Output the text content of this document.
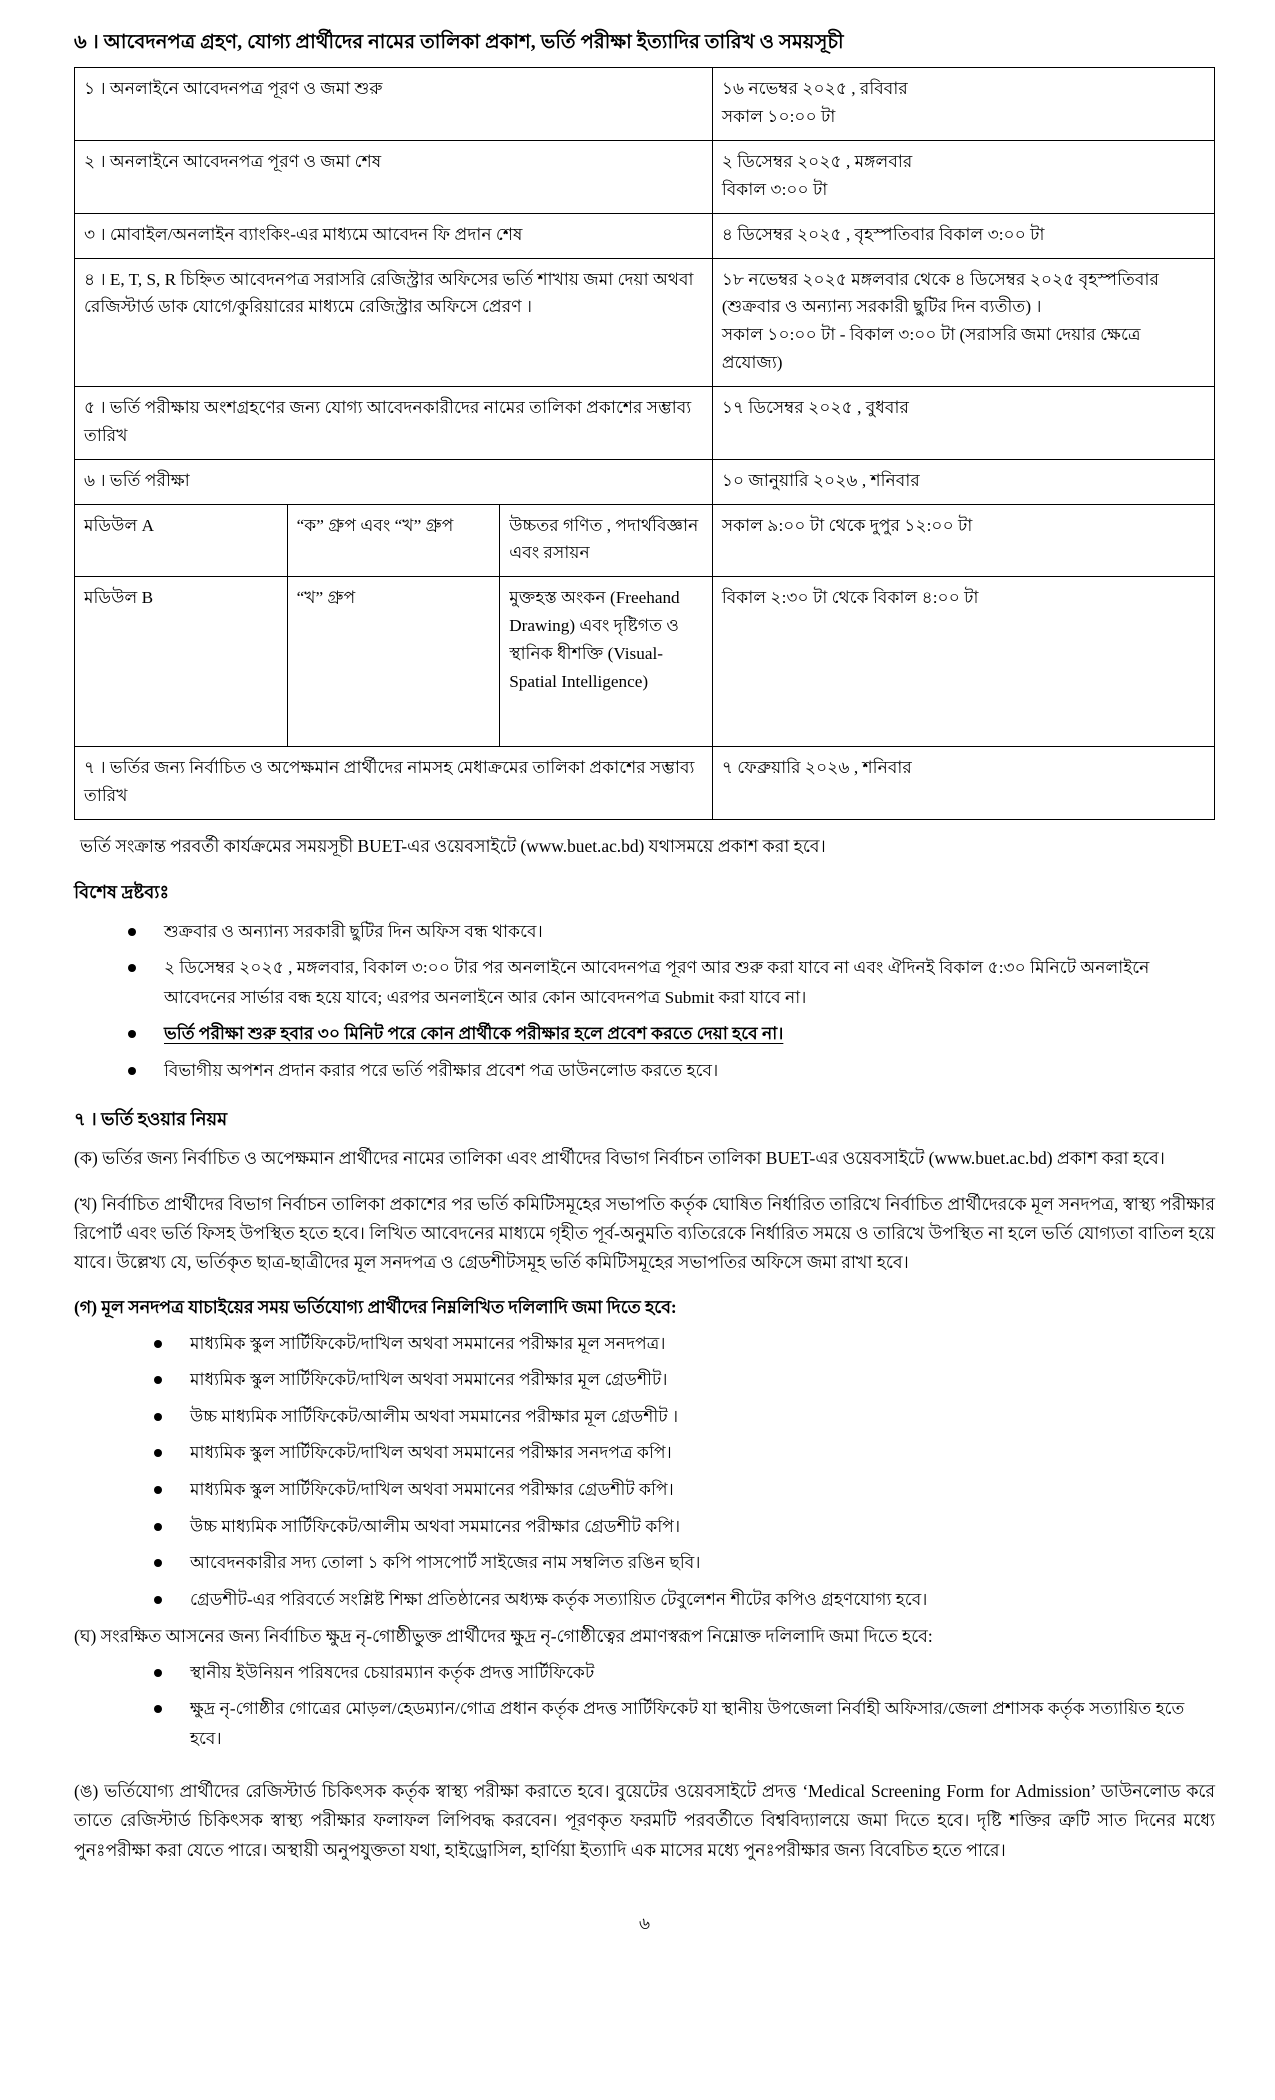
৬ । আবেদনপত্র গ্রহণ, যোগ্য প্রার্থীদের নামের তালিকা প্রকাশ, ভর্তি পরীক্ষা ইত্যাদির তারিখ ও সময়সূচী
১ । অনলাইনে আবেদনপত্র পূরণ ও জমা শুরু			১৬ নভেম্বর ২০২৫ , রবিবার
সকাল ১০:০০ টা

২ । অনলাইনে আবেদনপত্র পূরণ ও জমা শেষ			২ ডিসেম্বর ২০২৫ , মঙ্গলবার
বিকাল ৩:০০ টা

৩ । মোবাইল/অনলাইন ব্যাংকিং-এর মাধ্যমে আবেদন ফি প্রদান শেষ			৪ ডিসেম্বর ২০২৫ , বৃহস্পতিবার বিকাল ৩:০০ টা

৪ । E, T, S, R চিহ্নিত আবেদনপত্র সরাসরি রেজিস্ট্রার অফিসের ভর্তি শাখায় জমা দেয়া অথবা রেজিস্টার্ড ডাক যোগে/কুরিয়ারের মাধ্যমে রেজিস্ট্রার অফিসে প্রেরণ ।			১৮ নভেম্বর ২০২৫ মঙ্গলবার থেকে ৪ ডিসেম্বর ২০২৫ বৃহস্পতিবার (শুক্রবার ও অন্যান্য সরকারী ছুটির দিন ব্যতীত) ।
সকাল ১০:০০ টা - বিকাল ৩:০০ টা (সরাসরি জমা দেয়ার ক্ষেত্রে প্রযোজ্য)

৫ । ভর্তি পরীক্ষায় অংশগ্রহণের জন্য যোগ্য আবেদনকারীদের নামের তালিকা প্রকাশের সম্ভাব্য তারিখ			১৭ ডিসেম্বর ২০২৫ , বুধবার

৬ । ভর্তি পরীক্ষা			১০ জানুয়ারি ২০২৬ , শনিবার

মডিউল A	“ক” গ্রুপ এবং “খ” গ্রুপ	উচ্চতর গণিত , পদার্থবিজ্ঞান এবং রসায়ন	সকাল ৯:০০ টা থেকে দুপুর ১২:০০ টা
মডিউল B	“খ” গ্রুপ	মুক্তহস্ত অংকন (Freehand Drawing) এবং দৃষ্টিগত ও স্থানিক ধীশক্তি (Visual-Spatial Intelligence)	বিকাল ২:৩০ টা থেকে বিকাল ৪:০০ টা
৭ । ভর্তির জন্য নির্বাচিত ও অপেক্ষমান প্রার্থীদের নামসহ মেধাক্রমের তালিকা প্রকাশের সম্ভাব্য তারিখ			৭ ফেব্রুয়ারি ২০২৬ , শনিবার
ভর্তি সংক্রান্ত পরবর্তী কার্যক্রমের সময়সূচী BUET-এর ওয়েবসাইটে (www.buet.ac.bd) যথাসময়ে প্রকাশ করা হবে।
বিশেষ দ্রষ্টব্যঃ
শুক্রবার ও অন্যান্য সরকারী ছুটির দিন অফিস বন্ধ থাকবে।
২ ডিসেম্বর ২০২৫ , মঙ্গলবার, বিকাল ৩:০০ টার পর অনলাইনে আবেদনপত্র পূরণ আর শুরু করা যাবে না এবং ঐদিনই বিকাল ৫:৩০ মিনিটে অনলাইনে আবেদনের সার্ভার বন্ধ হয়ে যাবে; এরপর অনলাইনে আর কোন আবেদনপত্র Submit করা যাবে না।
ভর্তি পরীক্ষা শুরু হবার ৩০ মিনিট পরে কোন প্রার্থীকে পরীক্ষার হলে প্রবেশ করতে দেয়া হবে না।
বিভাগীয় অপশন প্রদান করার পরে ভর্তি পরীক্ষার প্রবেশ পত্র ডাউনলোড করতে হবে।
৭ । ভর্তি হওয়ার নিয়ম
(ক) ভর্তির জন্য নির্বাচিত ও অপেক্ষমান প্রার্থীদের নামের তালিকা এবং প্রার্থীদের বিভাগ নির্বাচন তালিকা BUET-এর ওয়েবসাইটে (www.buet.ac.bd) প্রকাশ করা হবে।
(খ) নির্বাচিত প্রার্থীদের বিভাগ নির্বাচন তালিকা প্রকাশের পর ভর্তি কমিটিসমূহের সভাপতি কর্তৃক ঘোষিত নির্ধারিত তারিখে নির্বাচিত প্রার্থীদেরকে মূল সনদপত্র, স্বাস্থ্য পরীক্ষার রিপোর্ট এবং ভর্তি ফিসহ উপস্থিত হতে হবে। লিখিত আবেদনের মাধ্যমে গৃহীত পূর্ব-অনুমতি ব্যতিরেকে নির্ধারিত সময়ে ও তারিখে উপস্থিত না হলে ভর্তি যোগ্যতা বাতিল হয়ে যাবে। উল্লেখ্য যে, ভর্তিকৃত ছাত্র-ছাত্রীদের মূল সনদপত্র ও গ্রেডশীটসমূহ ভর্তি কমিটিসমূহের সভাপতির অফিসে জমা রাখা হবে।
(গ) মূল সনদপত্র যাচাইয়ের সময় ভর্তিযোগ্য প্রার্থীদের নিম্নলিখিত দলিলাদি জমা দিতে হবে:
মাধ্যমিক স্কুল সার্টিফিকেট/দাখিল অথবা সমমানের পরীক্ষার মূল সনদপত্র।
মাধ্যমিক স্কুল সার্টিফিকেট/দাখিল অথবা সমমানের পরীক্ষার মূল গ্রেডশীট।
উচ্চ মাধ্যমিক সার্টিফিকেট/আলীম অথবা সমমানের পরীক্ষার মূল গ্রেডশীট ।
মাধ্যমিক স্কুল সার্টিফিকেট/দাখিল অথবা সমমানের পরীক্ষার সনদপত্র কপি।
মাধ্যমিক স্কুল সার্টিফিকেট/দাখিল অথবা সমমানের পরীক্ষার গ্রেডশীট কপি।
উচ্চ মাধ্যমিক সার্টিফিকেট/আলীম অথবা সমমানের পরীক্ষার গ্রেডশীট কপি।
আবেদনকারীর সদ্য তোলা ১ কপি পাসপোর্ট সাইজের নাম সম্বলিত রঙিন ছবি।
গ্রেডশীট-এর পরিবর্তে সংশ্লিষ্ট শিক্ষা প্রতিষ্ঠানের অধ্যক্ষ কর্তৃক সত্যায়িত টেবুলেশন শীটের কপিও গ্রহণযোগ্য হবে।
(ঘ) সংরক্ষিত আসনের জন্য নির্বাচিত ক্ষুদ্র নৃ-গোষ্ঠীভুক্ত প্রার্থীদের ক্ষুদ্র নৃ-গোষ্ঠীত্বের প্রমাণস্বরূপ নিম্নোক্ত দলিলাদি জমা দিতে হবে:
স্থানীয় ইউনিয়ন পরিষদের চেয়ারম্যান কর্তৃক প্রদত্ত সার্টিফিকেট
ক্ষুদ্র নৃ-গোষ্ঠীর গোত্রের মোড়ল/হেডম্যান/গোত্র প্রধান কর্তৃক প্রদত্ত সার্টিফিকেট যা স্থানীয় উপজেলা নির্বাহী অফিসার/জেলা প্রশাসক কর্তৃক সত্যায়িত হতে হবে।
(ঙ) ভর্তিযোগ্য প্রার্থীদের রেজিস্টার্ড চিকিৎসক কর্তৃক স্বাস্থ্য পরীক্ষা করাতে হবে। বুয়েটের ওয়েবসাইটে প্রদত্ত ‘Medical Screening Form for Admission’ ডাউনলোড করে তাতে রেজিস্টার্ড চিকিৎসক স্বাস্থ্য পরীক্ষার ফলাফল লিপিবদ্ধ করবেন। পূরণকৃত ফরমটি পরবর্তীতে বিশ্ববিদ্যালয়ে জমা দিতে হবে। দৃষ্টি শক্তির ত্রুটি সাত দিনের মধ্যে পুনঃপরীক্ষা করা যেতে পারে। অস্থায়ী অনুপযুক্ততা যথা, হাইড্রোসিল, হার্ণিয়া ইত্যাদি এক মাসের মধ্যে পুনঃপরীক্ষার জন্য বিবেচিত হতে পারে।
৬
